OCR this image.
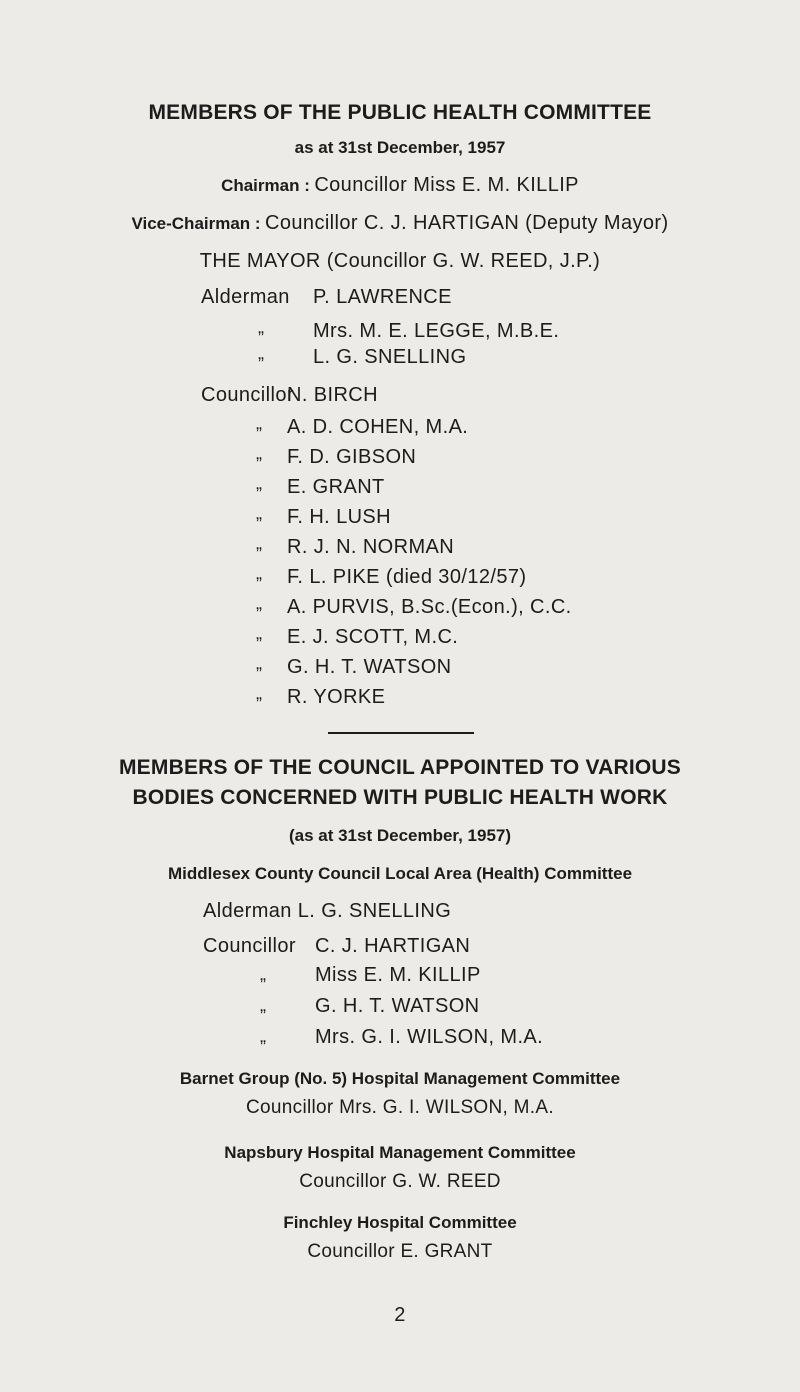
MEMBERS OF THE PUBLIC HEALTH COMMITTEE
as at 31st December, 1957
Chairman : Councillor Miss E. M. KILLIP
Vice-Chairman : Councillor C. J. HARTIGAN (Deputy Mayor)
THE MAYOR (Councillor G. W. REED, J.P.)
Alderman P. LAWRENCE
„ Mrs. M. E. LEGGE, M.B.E.
„ L. G. SNELLING
Councillor
N. BIRCH
„ A. D. COHEN, M.A.
„ F. D. GIBSON
„ E. GRANT
„ F. H. LUSH
„ R. J. N. NORMAN
„ F. L. PIKE (died 30/12/57)
„ A. PURVIS, B.Sc.(Econ.), C.C.
„ E. J. SCOTT, M.C.
„ G. H. T. WATSON
„ R. YORKE
MEMBERS OF THE COUNCIL APPOINTED TO VARIOUS
BODIES CONCERNED WITH PUBLIC HEALTH WORK
(as at 31st December, 1957)
Middlesex County Council Local Area (Health) Committee
Alderman L. G. SNELLING
Councillor C. J. HARTIGAN
„ Miss E. M. KILLIP
„ G. H. T. WATSON
„ Mrs. G. I. WILSON, M.A.
Barnet Group (No. 5) Hospital Management Committee
Councillor Mrs. G. I. WILSON, M.A.
Napsbury Hospital Management Committee
Councillor G. W. REED
Finchley Hospital Committee
Councillor E. GRANT
2
